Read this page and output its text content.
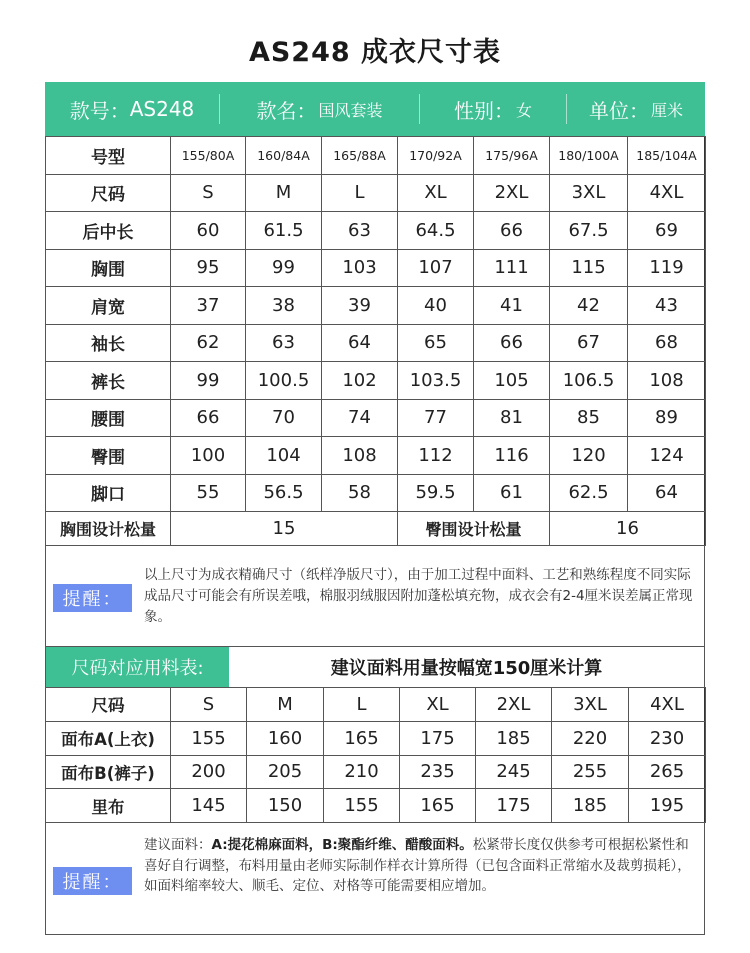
AS248 成衣尺寸表
款号： AS248	款名： 国风套装	性别： 女	单位： 厘米
号型	155/80A	160/84A	165/88A	170/92A	175/96A	180/100A	185/104A
尺码	S	M	L	XL	2XL	3XL	4XL
后中长	60	61.5	63	64.5	66	67.5	69
胸围	95	99	103	107	111	115	119
肩宽	37	38	39	40	41	42	43
袖长	62	63	64	65	66	67	68
裤长	99	100.5	102	103.5	105	106.5	108
腰围	66	70	74	77	81	85	89
臀围	100	104	108	112	116	120	124
脚口	55	56.5	58	59.5	61	62.5	64
胸围设计松量	15			臀围设计松量		16	
提醒：
以上尺寸为成衣精确尺寸（纸样净版尺寸），由于加工过程中面料、工艺和熟练程度不同实际成品尺寸可能会有所误差哦，棉服羽绒服因附加蓬松填充物，成衣会有2-4厘米误差属正常现象。
尺码对应用料表:	建议面料用量按幅宽150厘米计算
尺码	S	M	L	XL	2XL	3XL	4XL
面布A(上衣)	155	160	165	175	185	220	230
面布B(裤子)	200	205	210	235	245	255	265
里布	145	150	155	165	175	185	195
提醒：
建议面料：A:提花棉麻面料，B:聚酯纤维、醋酸面料。松紧带长度仅供参考可根据松紧性和喜好自行调整，布料用量由老师实际制作样衣计算所得（已包含面料正常缩水及裁剪损耗），如面料缩率较大、顺毛、定位、对格等可能需要相应增加。
